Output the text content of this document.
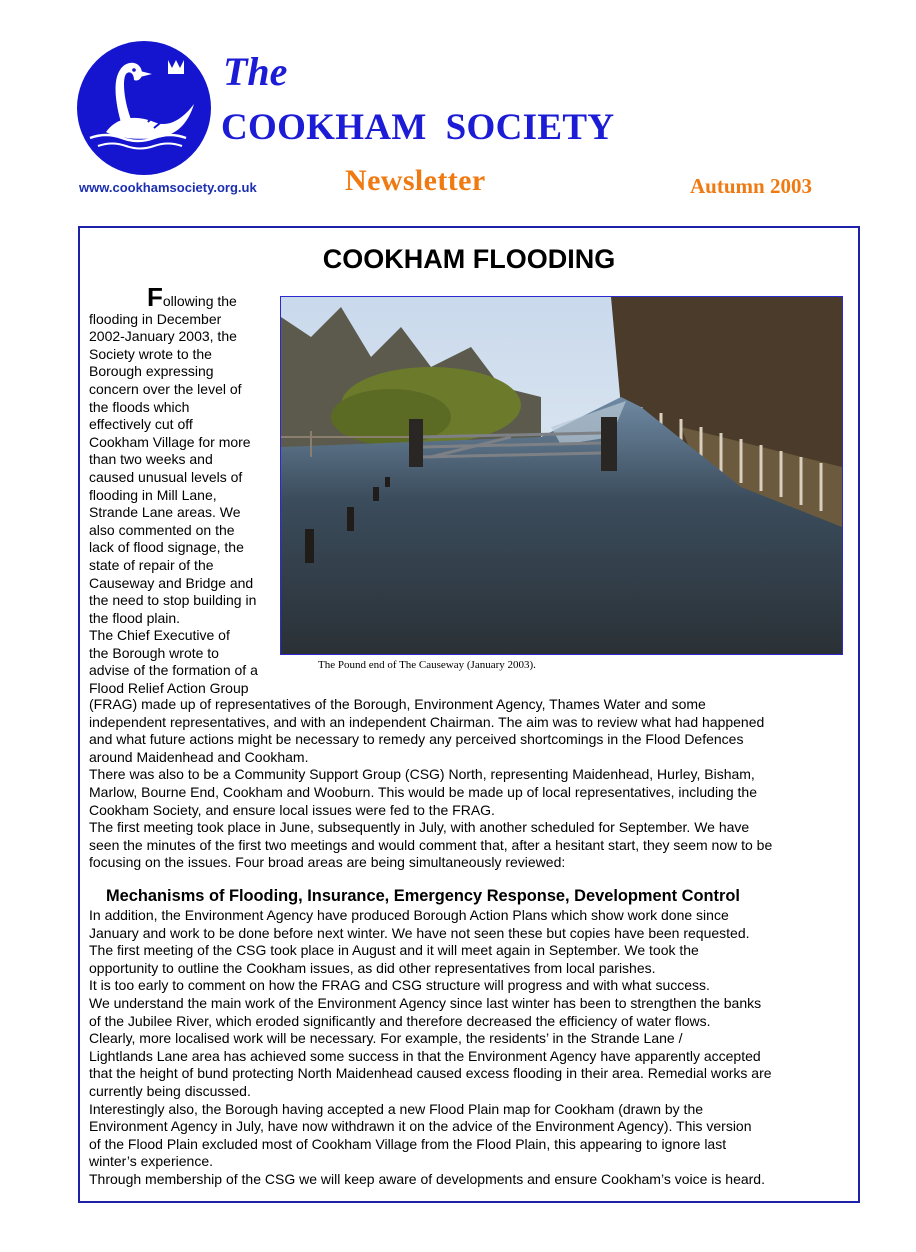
The
COOKHAM  SOCIETY
www.cookhamsociety.org.uk	Newsletter	Autumn 2003
COOKHAM FLOODING
The Pound end of The Causeway (January 2003).
Following the
flooding in December
2002-January 2003, the
Society wrote to the
Borough expressing
concern over the level of
the floods which
effectively cut off
Cookham Village for more
than two weeks and
caused unusual levels of
flooding in Mill Lane,
Strande Lane areas. We
also commented on the
lack of flood signage, the
state of repair of the
Causeway and Bridge and
the need to stop building in
the flood plain.
The Chief Executive of
the Borough wrote to
advise of the formation of a
Flood Relief Action Group
(FRAG) made up of representatives of the Borough, Environment Agency, Thames Water and some
independent representatives, and with an independent Chairman. The aim was to review what had happened
and what future actions might be necessary to remedy any perceived shortcomings in the Flood Defences
around Maidenhead and Cookham.
There was also to be a Community Support Group (CSG) North, representing Maidenhead, Hurley, Bisham,
Marlow, Bourne End, Cookham and Wooburn. This would be made up of local representatives, including the
Cookham Society, and ensure local issues were fed to the FRAG.
The first meeting took place in June, subsequently in July, with another scheduled for September. We have
seen the minutes of the first two meetings and would comment that, after a hesitant start, they seem now to be
focusing on the issues. Four broad areas are being simultaneously reviewed:
Mechanisms of Flooding, Insurance, Emergency Response, Development Control
In addition, the Environment Agency have produced Borough Action Plans which show work done since
January and work to be done before next winter. We have not seen these but copies have been requested.
The first meeting of the CSG took place in August and it will meet again in September. We took the
opportunity to outline the Cookham issues, as did other representatives from local parishes.
It is too early to comment on how the FRAG and CSG structure will progress and with what success.
We understand the main work of the Environment Agency since last winter has been to strengthen the banks
of the Jubilee River, which eroded significantly and therefore decreased the efficiency of water flows.
Clearly, more localised work will be necessary. For example, the residents’ in the Strande Lane /
Lightlands Lane area has achieved some success in that the Environment Agency have apparently accepted
that the height of bund protecting North Maidenhead caused excess flooding in their area. Remedial works are
currently being discussed.
Interestingly also, the Borough having accepted a new Flood Plain map for Cookham (drawn by the
Environment Agency in July, have now withdrawn it on the advice of the Environment Agency). This version
of the Flood Plain excluded most of Cookham Village from the Flood Plain, this appearing to ignore last
winter’s experience.
Through membership of the CSG we will keep aware of developments and ensure Cookham’s voice is heard.
